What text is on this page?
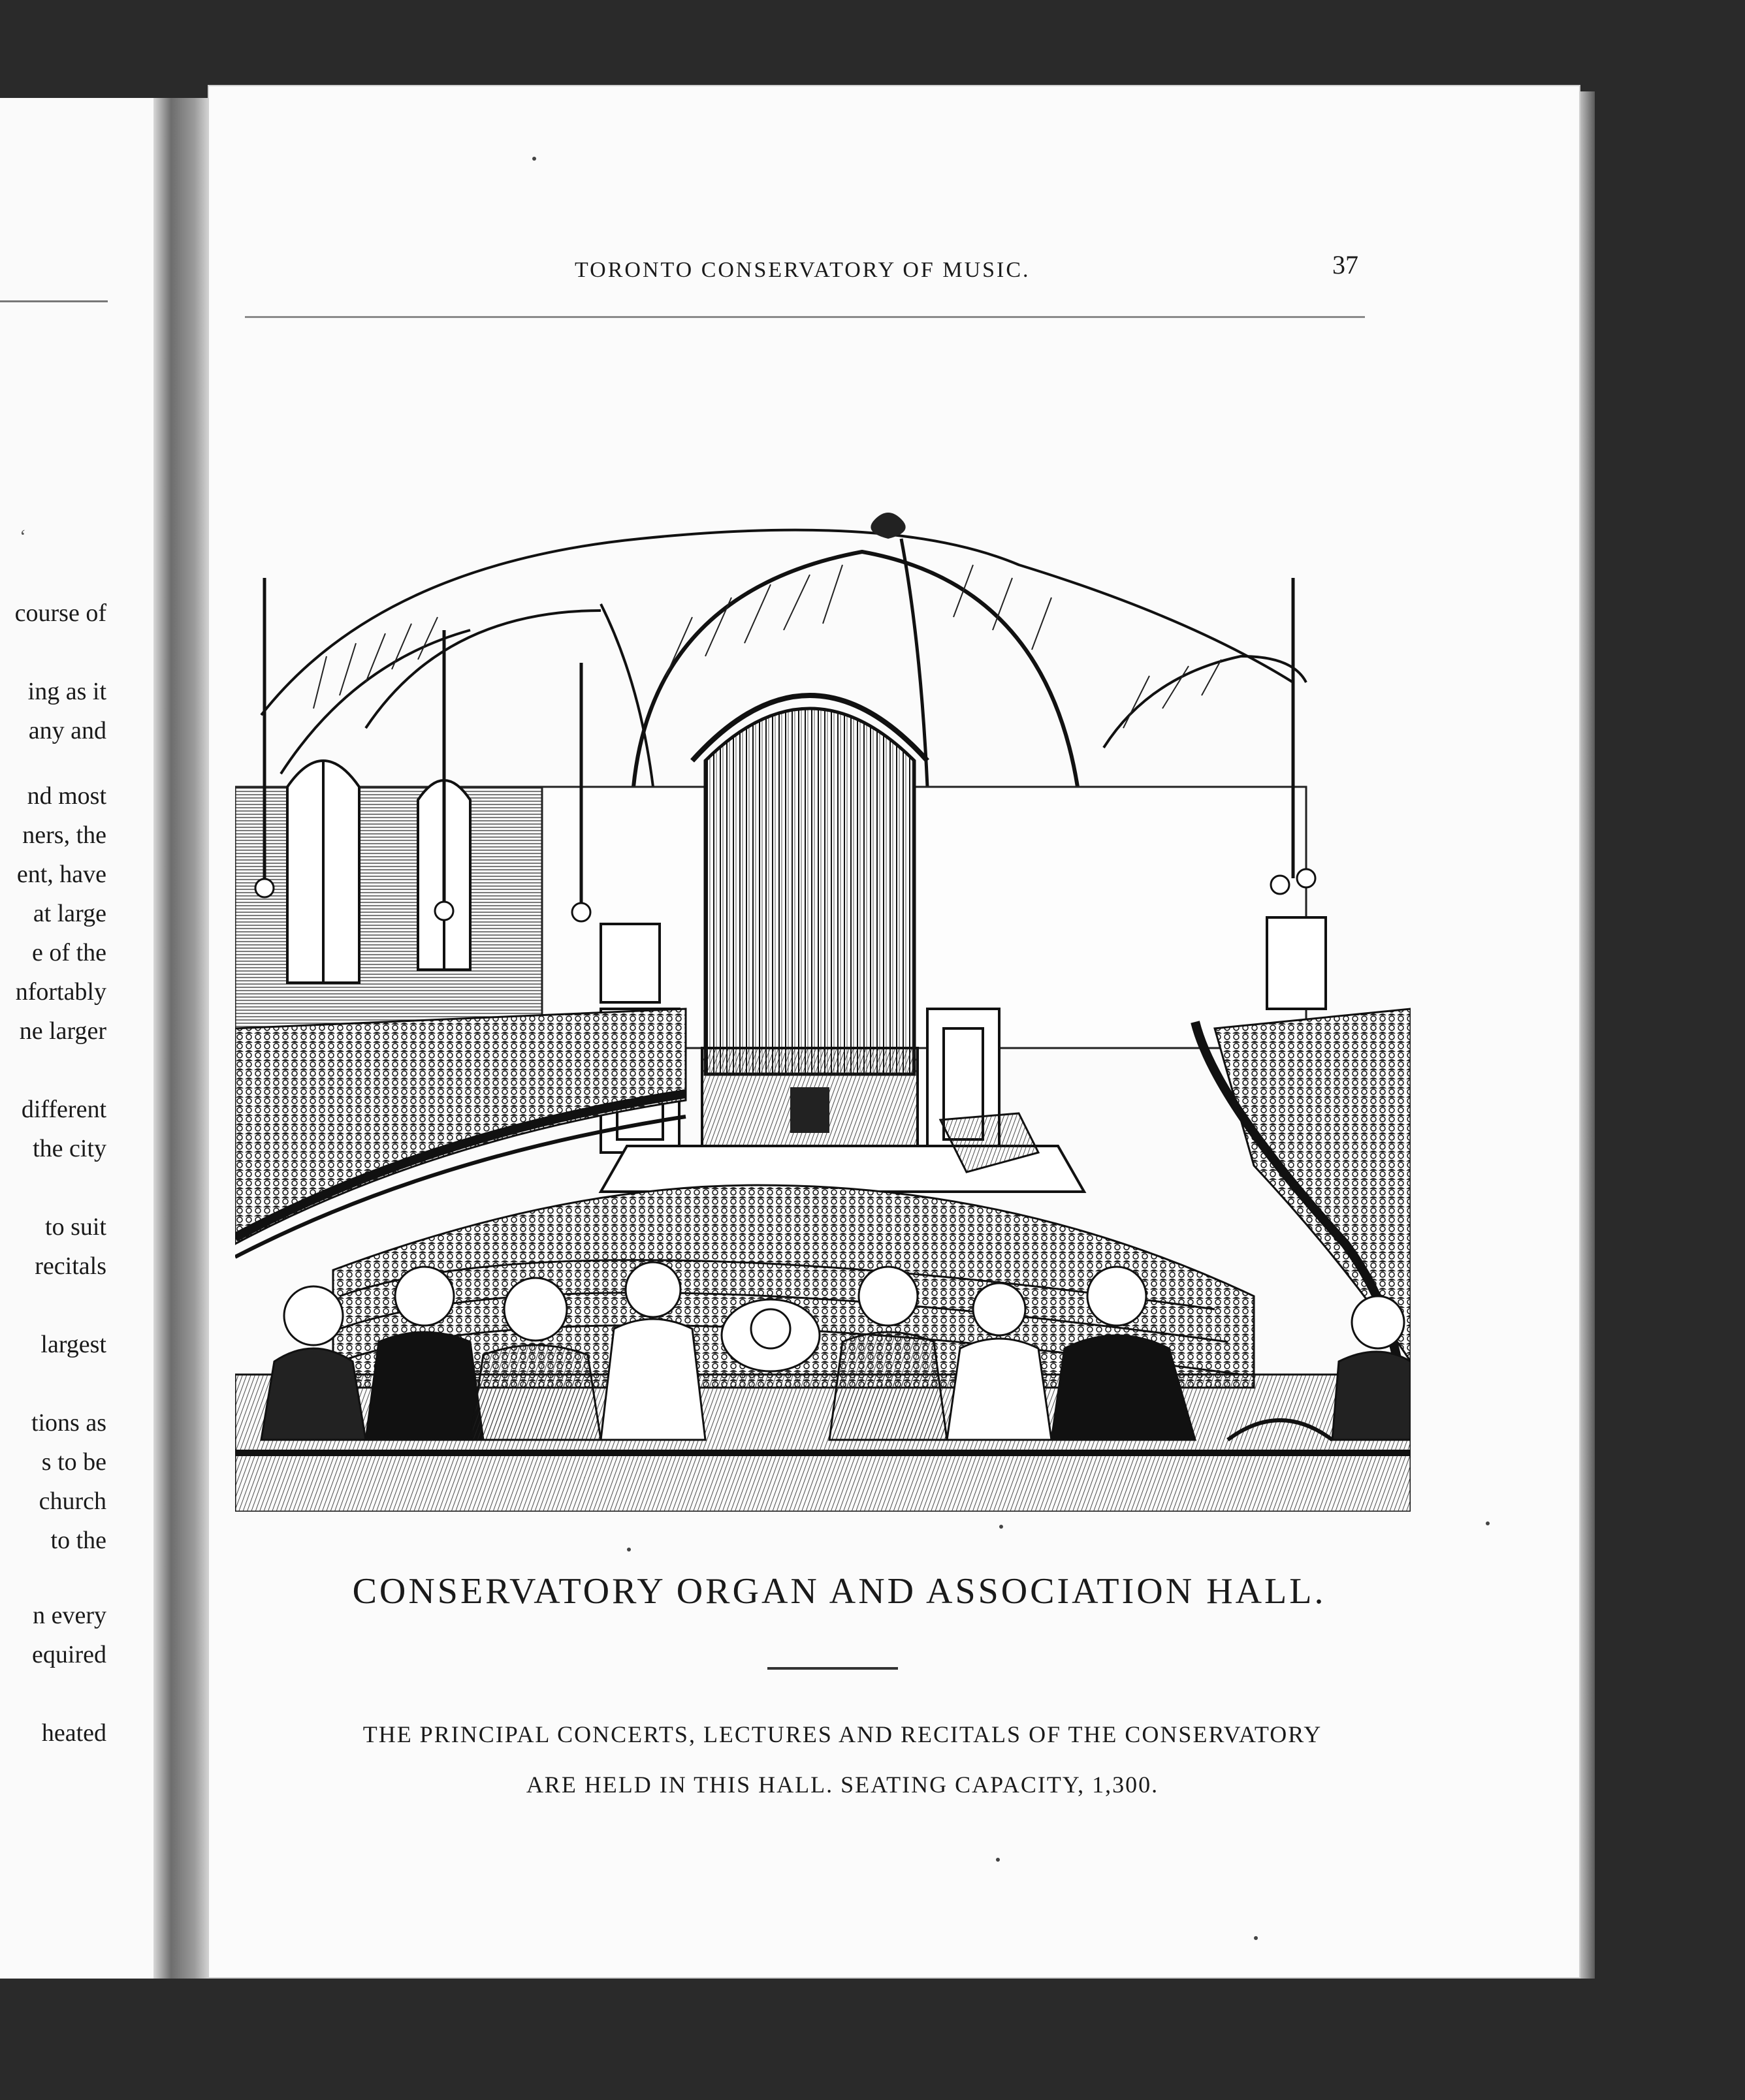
‘
course of
ing as it
any and
nd most
ners, the
ent, have
at large
e of the
nfortably
ne larger
different
the city
to suit
recitals
largest
tions as
s to be
church
to the
n every
equired
heated
TORONTO CONSERVATORY OF MUSIC.	37
CONSERVATORY ORGAN AND ASSOCIATION HALL.
THE PRINCIPAL CONCERTS, LECTURES AND RECITALS OF THE CONSERVATORY
ARE HELD IN THIS HALL. SEATING CAPACITY, 1,300.
